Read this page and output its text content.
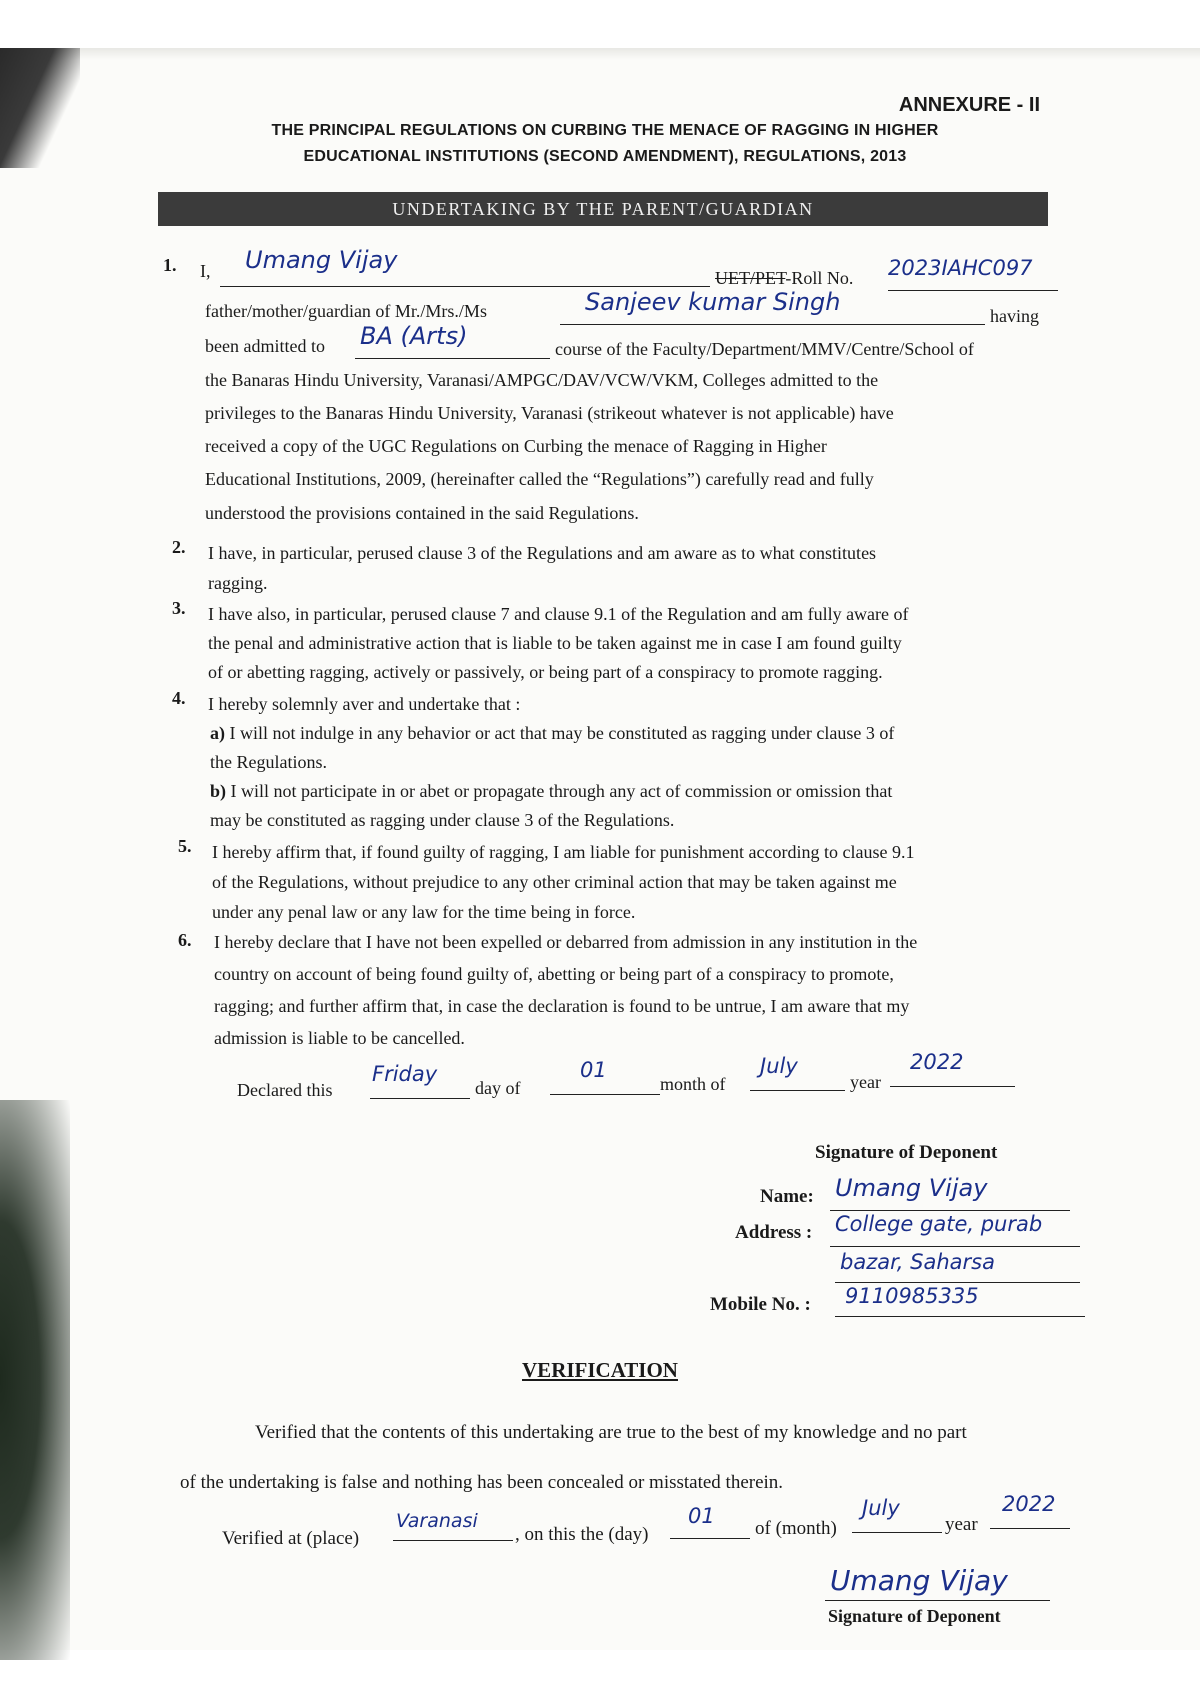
ANNEXURE - II
THE PRINCIPAL REGULATIONS ON CURBING THE MENACE OF RAGGING IN HIGHER
EDUCATIONAL INSTITUTIONS (SECOND AMENDMENT), REGULATIONS, 2013
UNDERTAKING BY THE PARENT/GUARDIAN
1. I, Umang Vijay
UET/PET-Roll No. 2023IAHC097
father/mother/guardian of Mr./Mrs./Ms	Sanjeev kumar Singh	having
been admitted to BA (Arts)	course of the Faculty/Department/MMV/Centre/School of
the Banaras Hindu University, Varanasi/AMPGC/DAV/VCW/VKM, Colleges admitted to the
privileges to the Banaras Hindu University, Varanasi (strikeout whatever is not applicable) have
received a copy of the UGC Regulations on Curbing the menace of Ragging in Higher
Educational Institutions, 2009, (hereinafter called the “Regulations”) carefully read and fully
understood the provisions contained in the said Regulations.
2. I have, in particular, perused clause 3 of the Regulations and am aware as to what constitutes
ragging.
3. I have also, in particular, perused clause 7 and clause 9.1 of the Regulation and am fully aware of
the penal and administrative action that is liable to be taken against me in case I am found guilty
of or abetting ragging, actively or passively, or being part of a conspiracy to promote ragging.
4. I hereby solemnly aver and undertake that :
a) I will not indulge in any behavior or act that may be constituted as ragging under clause 3 of
the Regulations.
b) I will not participate in or abet or propagate through any act of commission or omission that
may be constituted as ragging under clause 3 of the Regulations.
5. I hereby affirm that, if found guilty of ragging, I am liable for punishment according to clause 9.1
of the Regulations, without prejudice to any other criminal action that may be taken against me
under any penal law or any law for the time being in force.
6. I hereby declare that I have not been expelled or debarred from admission in any institution in the
country on account of being found guilty of, abetting or being part of a conspiracy to promote,
ragging; and further affirm that, in case the declaration is found to be untrue, I am aware that my
admission is liable to be cancelled.
Declared this
Friday
day of
01
month of
July
year
2022
Signature of Deponent
Name: Umang Vijay
Address : College gate, purab
bazar, Saharsa
Mobile No. : 9110985335
VERIFICATION
Verified that the contents of this undertaking are true to the best of my knowledge and no part
of the undertaking is false and nothing has been concealed or misstated therein.
Verified at (place)
Varanasi
, on this the (day)
01
of (month)
July
year
2022
Umang Vijay
Signature of Deponent
